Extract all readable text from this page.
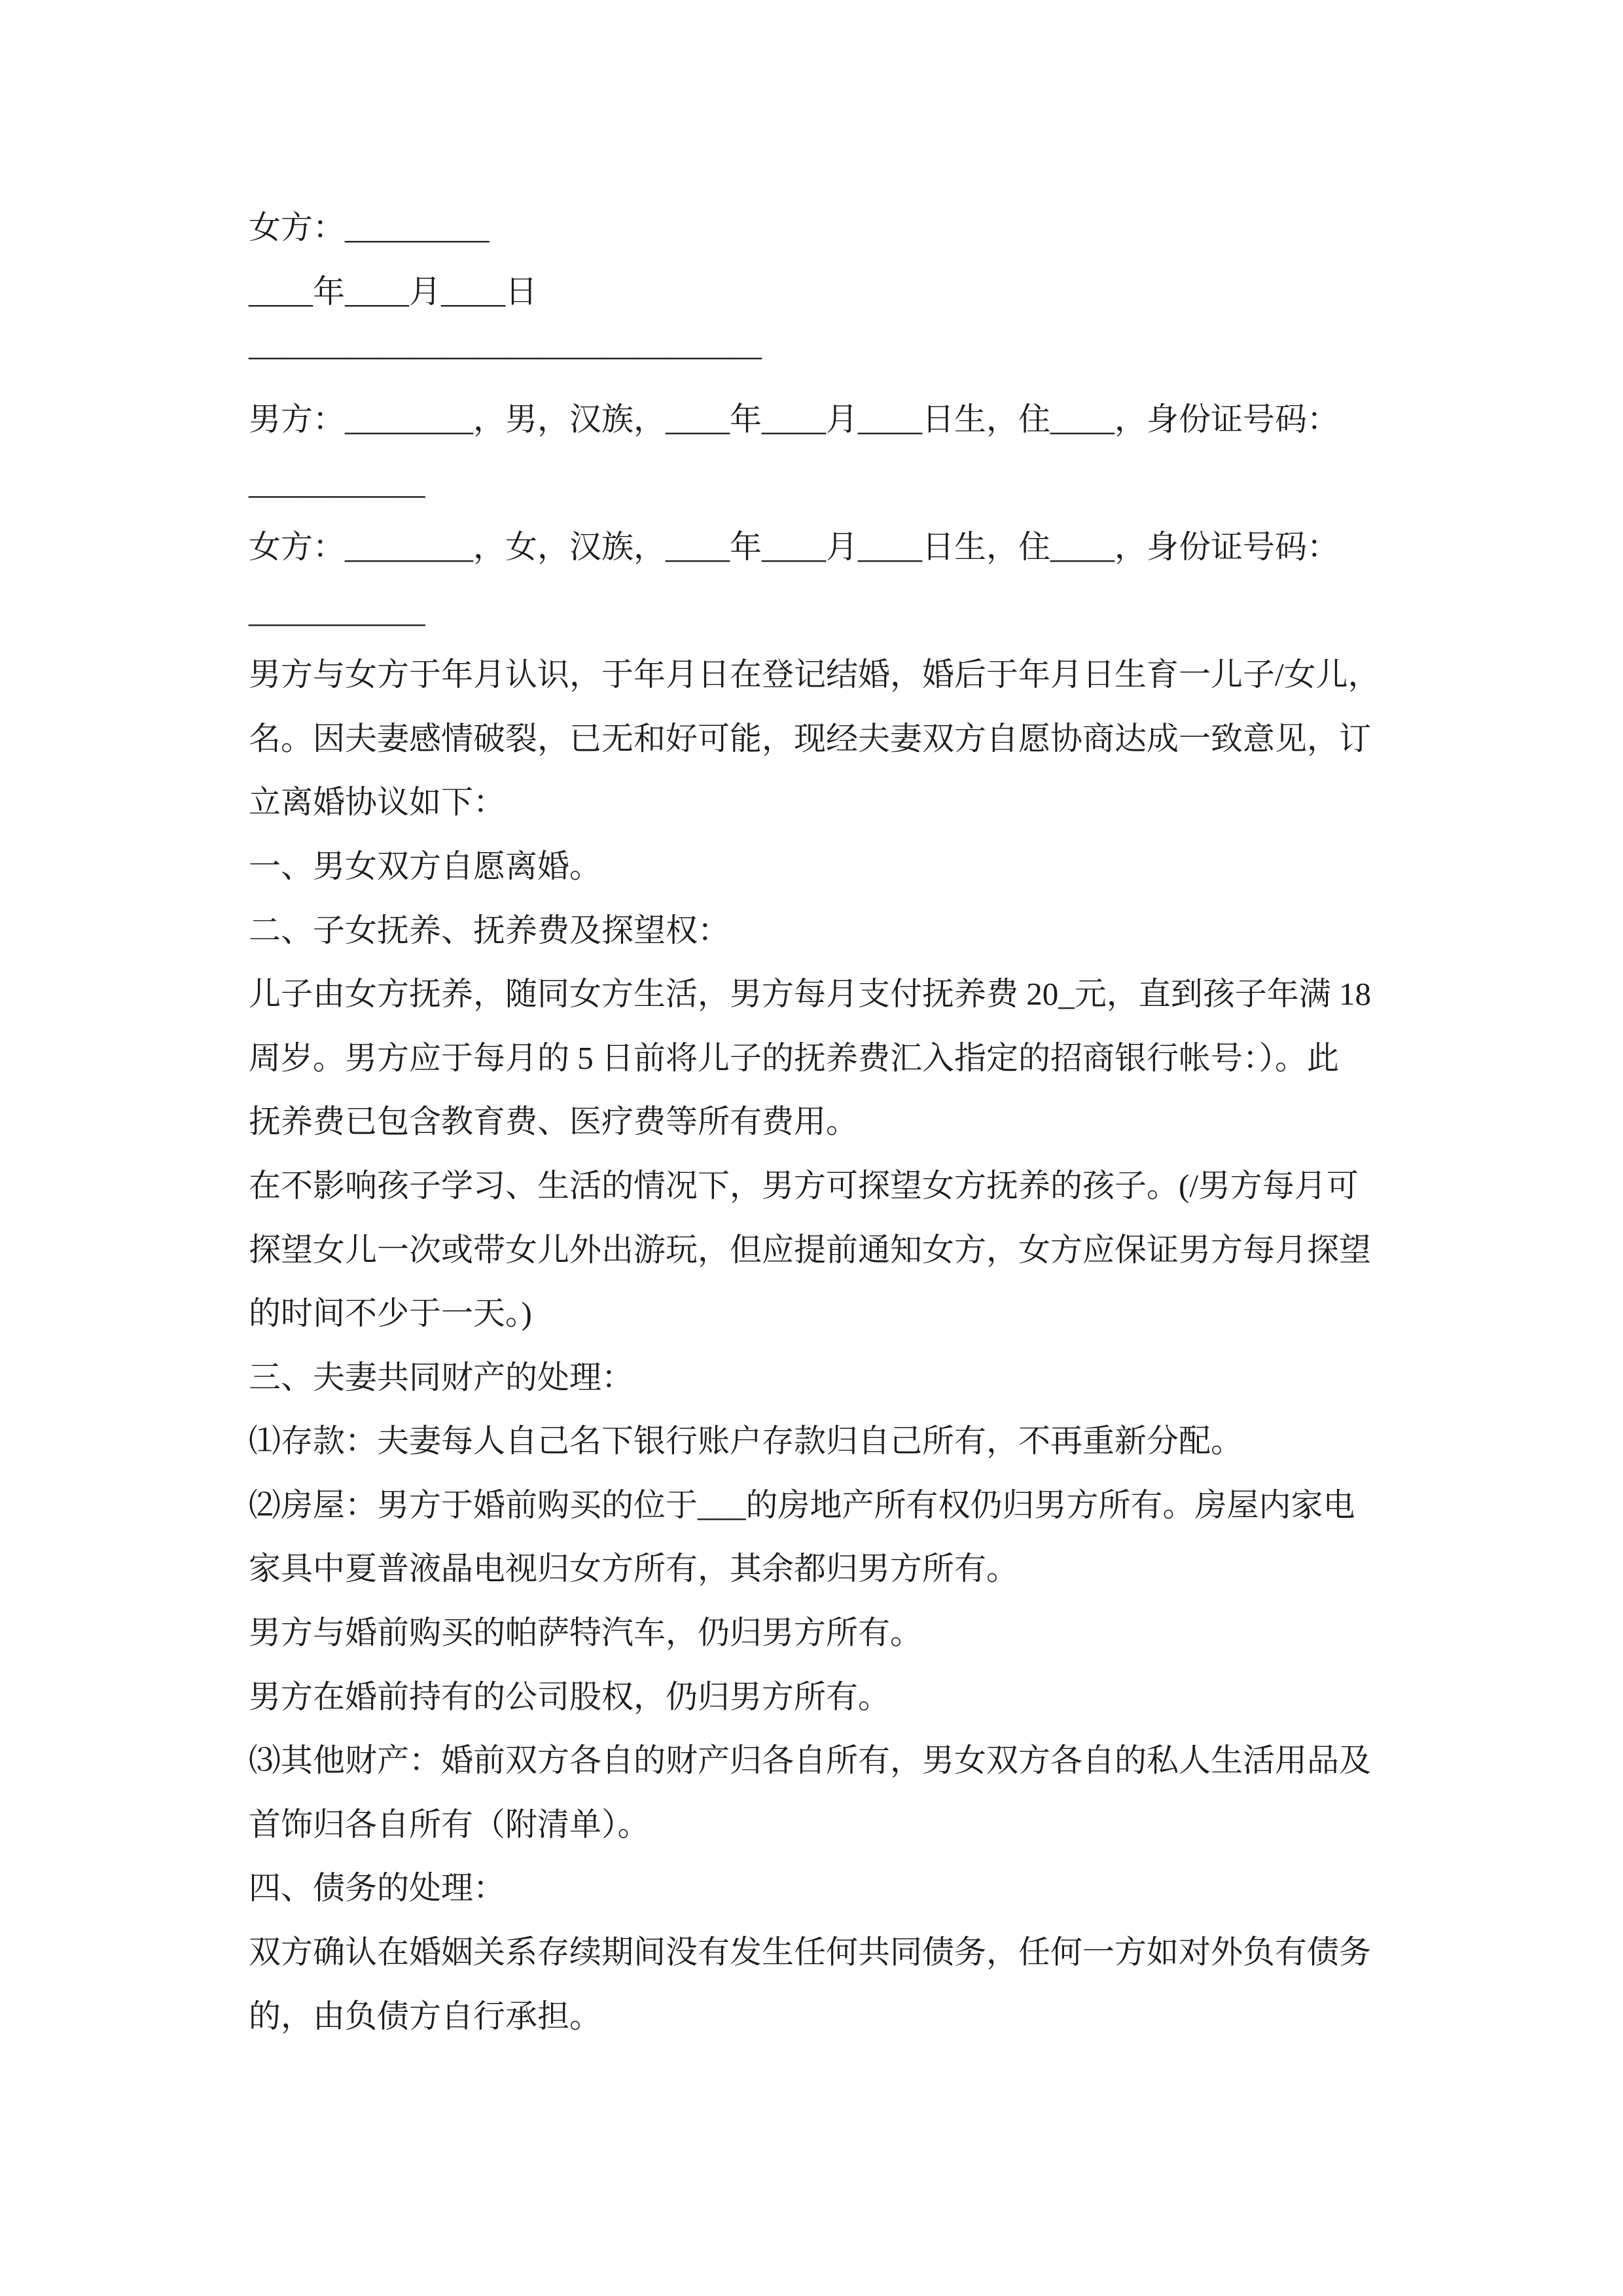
女方：_________
____年____月____日
————————————————
男方：________，男，汉族，____年____月____日生，住____，身份证号码：
___________
女方：________，女，汉族，____年____月____日生，住____，身份证号码：
___________
男方与女方于年月认识，于年月日在登记结婚，婚后于年月日生育一儿子/女儿，
名。因夫妻感情破裂，已无和好可能，现经夫妻双方自愿协商达成一致意见，订
立离婚协议如下：
一、男女双方自愿离婚。
二、子女抚养、抚养费及探望权：
儿子由女方抚养，随同女方生活，男方每月支付抚养费 20_元，直到孩子年满 18
周岁。男方应于每月的 5 日前将儿子的抚养费汇入指定的招商银行帐号：）。此
抚养费已包含教育费、医疗费等所有费用。
在不影响孩子学习、生活的情况下，男方可探望女方抚养的孩子。(/男方每月可
探望女儿一次或带女儿外出游玩，但应提前通知女方，女方应保证男方每月探望
的时间不少于一天。)
三、夫妻共同财产的处理：
⑴存款：夫妻每人自己名下银行账户存款归自己所有，不再重新分配。
⑵房屋：男方于婚前购买的位于___的房地产所有权仍归男方所有。房屋内家电
家具中夏普液晶电视归女方所有，其余都归男方所有。
男方与婚前购买的帕萨特汽车，仍归男方所有。
男方在婚前持有的公司股权，仍归男方所有。
⑶其他财产：婚前双方各自的财产归各自所有，男女双方各自的私人生活用品及
首饰归各自所有（附清单）。
四、债务的处理：
双方确认在婚姻关系存续期间没有发生任何共同债务，任何一方如对外负有债务
的，由负债方自行承担。
